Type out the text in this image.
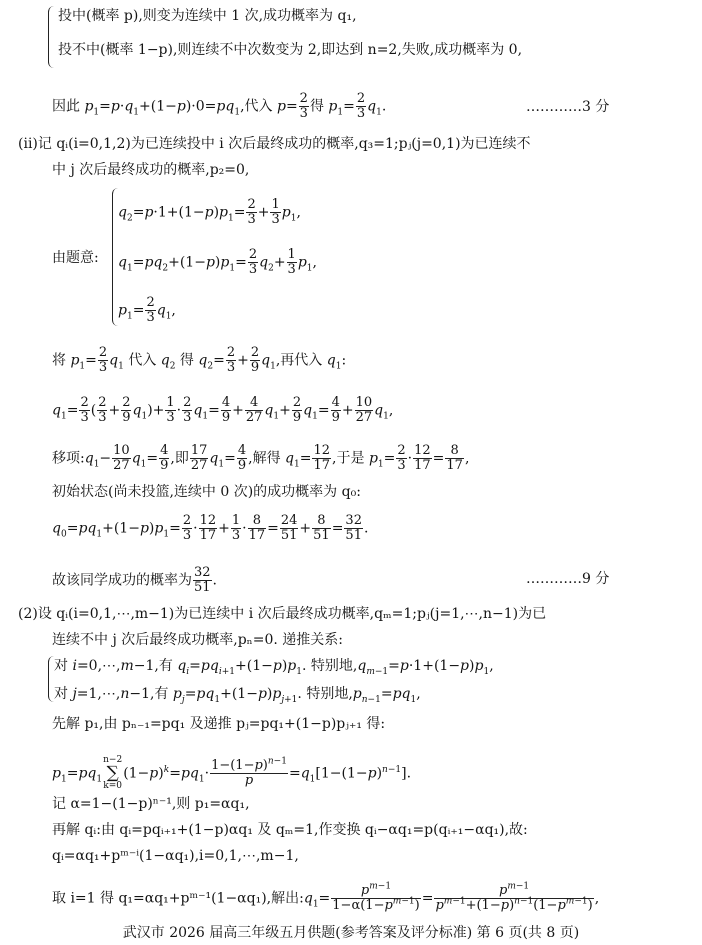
投中(概率 p),则变为连续中 1 次,成功概率为 q₁,
投不中(概率 1−p),则连续不中次数变为 2,即达到 n=2,失败,成功概率为 0,
因此 $p_1=p\cdot q_1+(1-p)\cdot 0=pq_1$,代入 $p= \frac{2}{3}$ 得 $p_1= \frac{2}{3} q_1$.	…………3 分
(ⅱ)记 qᵢ(i=0,1,2)为已连续投中 i 次后最终成功的概率,q₃=1;pⱼ(j=0,1)为已连续不
中 j 次后最终成功的概率,p₂=0,
由题意:
$q_2=p\cdot 1+(1-p)p_1= \frac{2}{3} + \frac{1}{3} p_1$,
$q_1=pq_2+(1-p)p_1= \frac{2}{3} q_2+ \frac{1}{3} p_1$,
$p_1= \frac{2}{3} q_1$,
将 $p_1= \frac{2}{3} q_1$ 代入 $q_2$ 得 $q_2= \frac{2}{3} + \frac{2}{9} q_1$,再代入 $q_1$:
$q_1= \frac{2}{3}$ ( $\frac{2}{3} + \frac{2}{9} q_1)+ \frac{1}{3} \cdot \frac{2}{3} q_1= \frac{4}{9} + \frac{4}{27} q_1+ \frac{2}{9} q_1= \frac{4}{9} + \frac{10}{27} q_1$,
移项$:q_1- \frac{10}{27} q_1= \frac{4}{9}$ ,即 $\frac{17}{27} q_1= \frac{4}{9}$ ,解得 $q_1= \frac{12}{17}$ ,于是 $p_1= \frac{2}{3} \cdot \frac{12}{17} = \frac{8}{17}$ ,
初始状态(尚未投篮,连续中 0 次)的成功概率为 q₀:
$q_0=pq_1+(1-p)p_1= \frac{2}{3} \cdot \frac{12}{17} + \frac{1}{3} \cdot \frac{8}{17} = \frac{24}{51} + \frac{8}{51} = \frac{32}{51}$ .
故该同学成功的概率为 $\frac{32}{51}$ .	…………9 分
(2)设 qᵢ(i=0,1,⋯,m−1)为已连续中 i 次后最终成功概率,qₘ=1;pⱼ(j=1,⋯,n−1)为已
连续不中 j 次后最终成功概率,pₙ=0. 递推关系:
对 i=0,⋯,m−1,有 $q_i=pq_{i+1}+(1-p)p_1$. 特别地$,q_{m-1}=p\cdot 1+(1-p)p_1$,
对 j=1,⋯,n−1,有 $p_j=pq_1+(1-p)p_{j+1}$. 特别地$,p_{n-1}=pq_1$,
先解 p₁,由 pₙ₋₁=pq₁ 及递推 pⱼ=pq₁+(1−p)pⱼ₊₁ 得:
$p_1=pq_1n-2$
∑
$k=0(1-p)^k=pq_1\cdot \frac{1-(1-p)^{n-1}}{p} =q_1[1-(1-p)^{n-1}]$.
记 α=1−(1−p)ⁿ⁻¹,则 p₁=αq₁,
再解 qᵢ:由 qᵢ=pqᵢ₊₁+(1−p)αq₁ 及 qₘ=1,作变换 qᵢ−αq₁=p(qᵢ₊₁−αq₁),故:
qᵢ=αq₁+pᵐ⁻ⁱ(1−αq₁),i=0,1,⋯,m−1,
取 i=1 得 q₁=αq₁+pᵐ⁻¹(1−αq₁),解出$:q_1= \frac{p^{m-1}}{1-\alpha(1-p^{m-1})} = \frac{p^{m-1}}{p^{m-1}+(1-p)^{n-1}(1-p^{m-1})}$ ,
武汉市 2026 届高三年级五月供题(参考答案及评分标准) 第 6 页(共 8 页)
